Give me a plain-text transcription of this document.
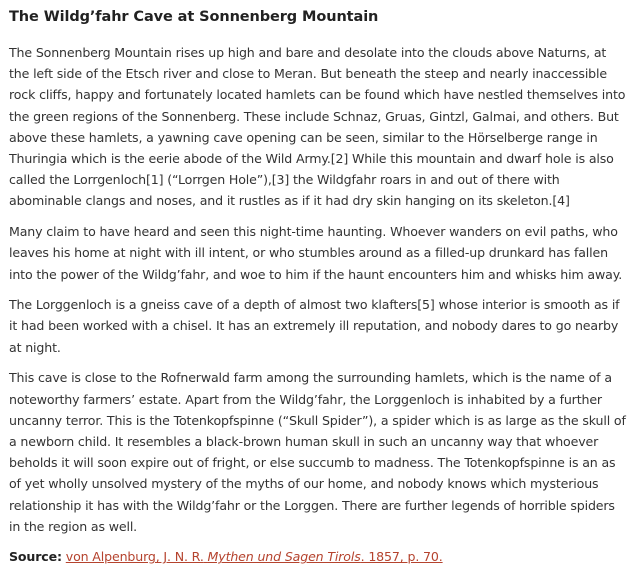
The Wildg’fahr Cave at Sonnenberg Mountain

The Sonnenberg Mountain rises up high and bare and desolate into the clouds above Naturns, at the left side of the Etsch river and close to Meran. But beneath the steep and nearly inaccessible rock cliffs, happy and fortunately located hamlets can be found which have nestled themselves into the green regions of the Sonnenberg. These include Schnaz, Gruas, Gintzl, Galmai, and others. But above these hamlets, a yawning cave opening can be seen, similar to the Hörselberge range in Thuringia which is the eerie abode of the Wild Army.[2] While this mountain and dwarf hole is also called the Lorrgenloch[1] (“Lorrgen Hole”),[3] the Wildgfahr roars in and out of there with abominable clangs and noses, and it rustles as if it had dry skin hanging on its skeleton.[4]

Many claim to have heard and seen this night-time haunting. Whoever wanders on evil paths, who leaves his home at night with ill intent, or who stumbles around as a filled-up drunkard has fallen into the power of the Wildg’fahr, and woe to him if the haunt encounters him and whisks him away.

The Lorggenloch is a gneiss cave of a depth of almost two klafters[5] whose interior is smooth as if it had been worked with a chisel. It has an extremely ill reputation, and nobody dares to go nearby at night.

This cave is close to the Rofnerwald farm among the surrounding hamlets, which is the name of a noteworthy farmers’ estate. Apart from the Wildg’fahr, the Lorggenloch is inhabited by a further uncanny terror. This is the Totenkopfspinne (“Skull Spider”), a spider which is as large as the skull of a newborn child. It resembles a black-brown human skull in such an uncanny way that whoever beholds it will soon expire out of fright, or else succumb to madness. The Totenkopfspinne is an as of yet wholly unsolved mystery of the myths of our home, and nobody knows which mysterious relationship it has with the Wildg’fahr or the Lorggen. There are further legends of horrible spiders in the region as well.

Source: von Alpenburg, J. N. R. Mythen und Sagen Tirols. 1857, p. 70.
